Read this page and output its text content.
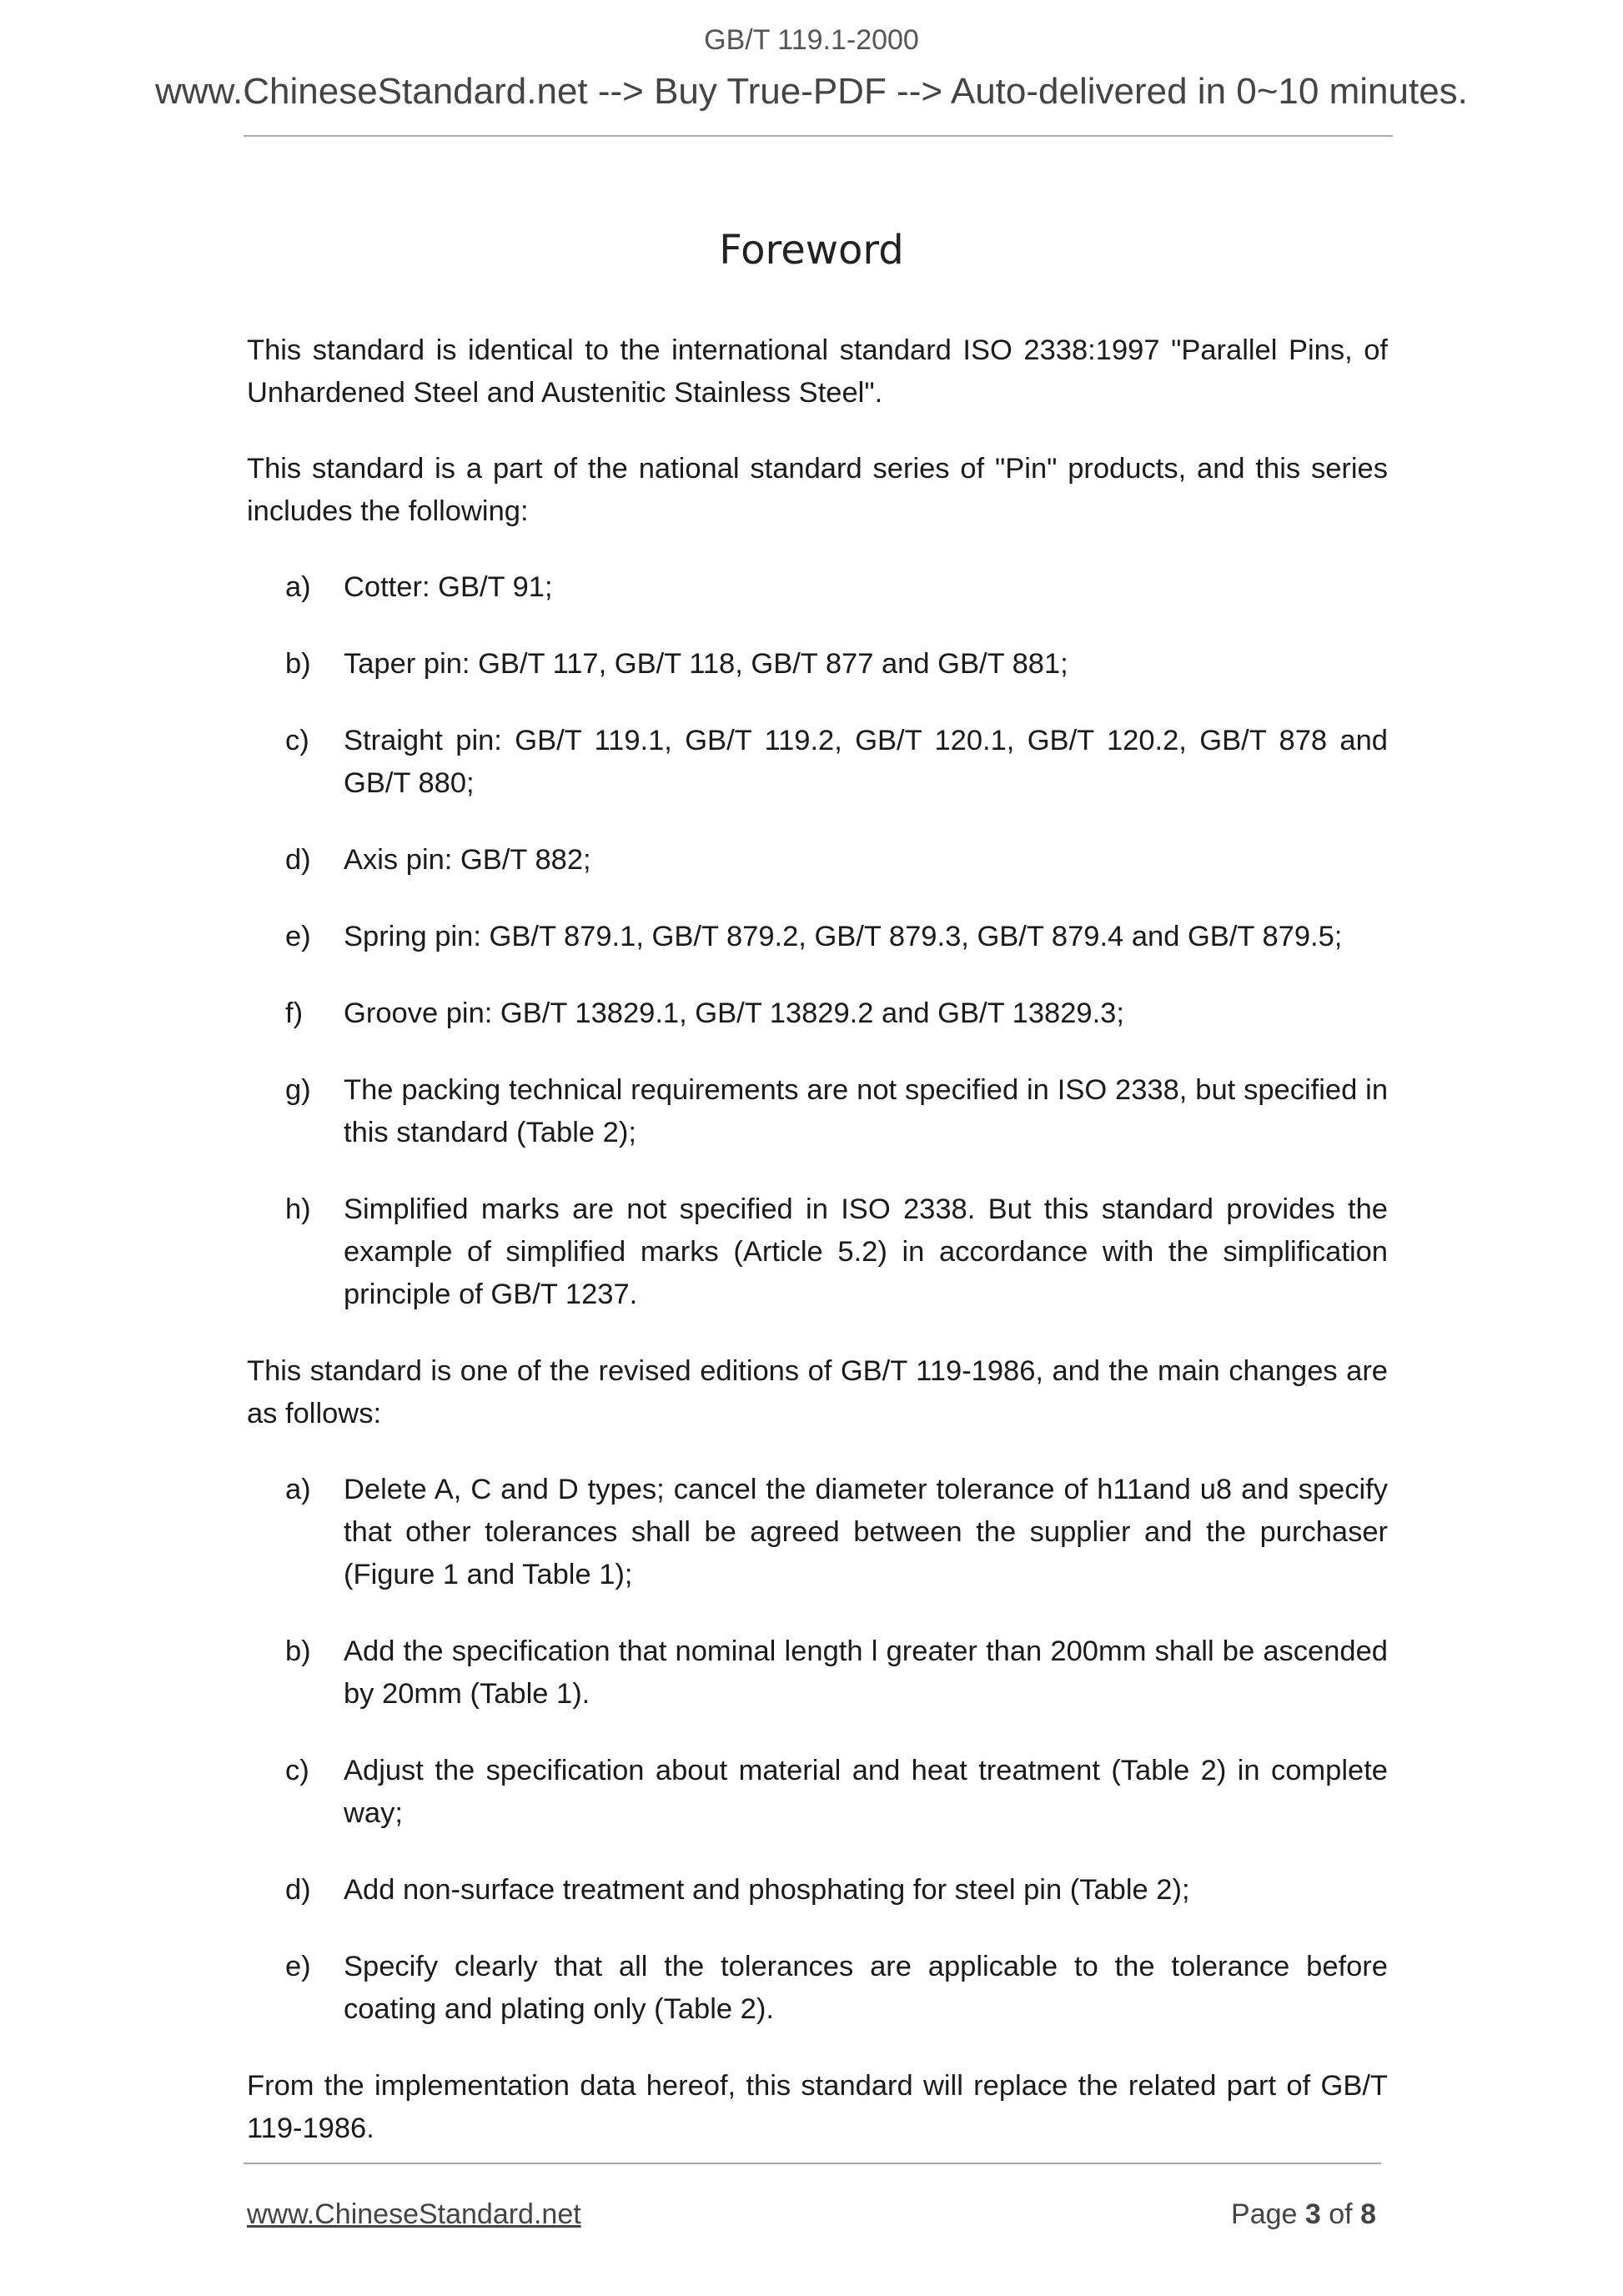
GB/T 119.1-2000
www.ChineseStandard.net --> Buy True-PDF --> Auto-delivered in 0~10 minutes.
Foreword

This standard is identical to the international standard ISO 2338:1997 "Parallel Pins, of Unhardened Steel and Austenitic Stainless Steel".

This standard is a part of the national standard series of "Pin" products, and this series includes the following:

a)	Cotter: GB/T 91;
b)	Taper pin: GB/T 117, GB/T 118, GB/T 877 and GB/T 881;
c)	Straight pin: GB/T 119.1, GB/T 119.2, GB/T 120.1, GB/T 120.2, GB/T 878 and GB/T 880;
d)	Axis pin: GB/T 882;
e)	Spring pin: GB/T 879.1, GB/T 879.2, GB/T 879.3, GB/T 879.4 and GB/T 879.5;
f)	Groove pin: GB/T 13829.1, GB/T 13829.2 and GB/T 13829.3;
g)	The packing technical requirements are not specified in ISO 2338, but specified in this standard (Table 2);
h)	Simplified marks are not specified in ISO 2338. But this standard provides the example of simplified marks (Article 5.2) in accordance with the simplification principle of GB/T 1237.

This standard is one of the revised editions of GB/T 119-1986, and the main changes are as follows:

a)	Delete A, C and D types; cancel the diameter tolerance of h11and u8 and specify that other tolerances shall be agreed between the supplier and the purchaser (Figure 1 and Table 1);
b)	Add the specification that nominal length l greater than 200mm shall be ascended by 20mm (Table 1).
c)	Adjust the specification about material and heat treatment (Table 2) in complete way;
d)	Add non-surface treatment and phosphating for steel pin (Table 2);
e)	Specify clearly that all the tolerances are applicable to the tolerance before coating and plating only (Table 2).

From the implementation data hereof, this standard will replace the related part of GB/T 119-1986.

www.ChineseStandard.net	Page 3 of 8
